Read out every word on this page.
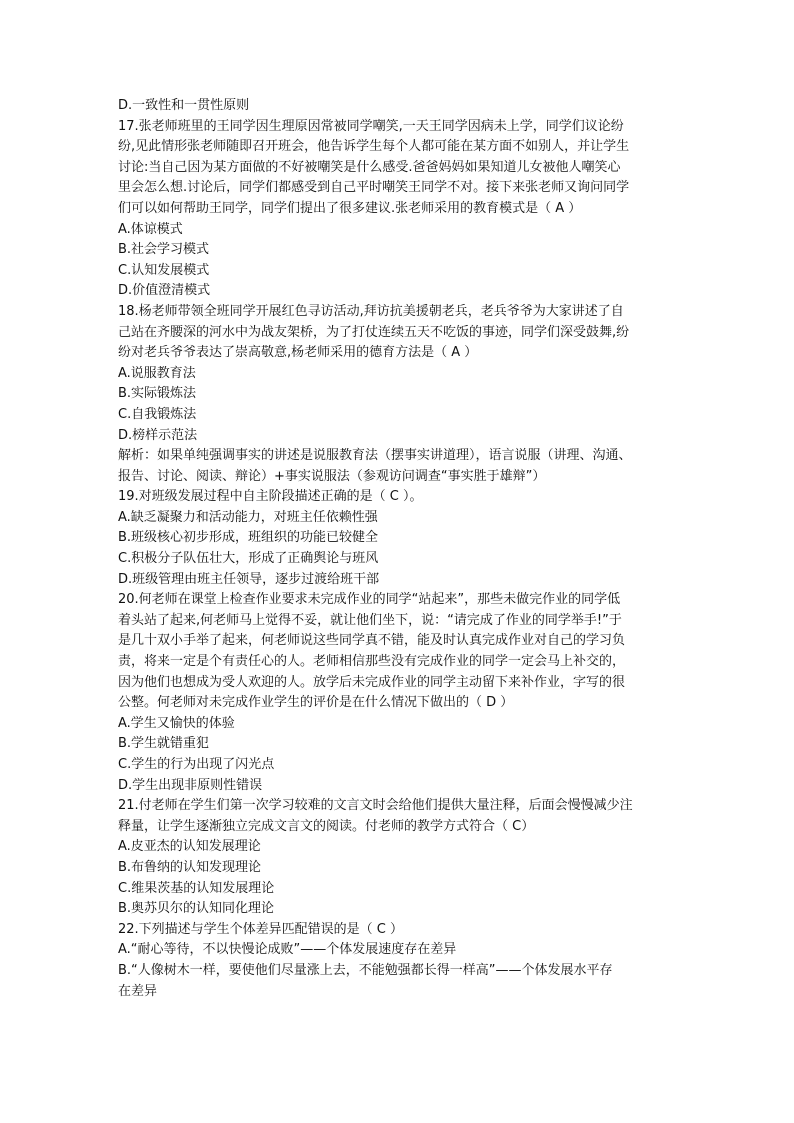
D.一致性和一贯性原则
17.张老师班里的王同学因生理原因常被同学嘲笑,一天王同学因病未上学，同学们议论纷
纷,见此情形张老师随即召开班会，他告诉学生每个人都可能在某方面不如别人，并让学生
讨论:当自己因为某方面做的不好被嘲笑是什么感受.爸爸妈妈如果知道儿女被他人嘲笑心
里会怎么想.讨论后，同学们都感受到自己平时嘲笑王同学不对。接下来张老师又询问同学
们可以如何帮助王同学，同学们提出了很多建议.张老师采用的教育模式是（ A ）
A.体谅模式
B.社会学习模式
C.认知发展模式
D.价值澄清模式
18.杨老师带领全班同学开展红色寻访活动,拜访抗美援朝老兵，老兵爷爷为大家讲述了自
己站在齐腰深的河水中为战友架桥，为了打仗连续五天不吃饭的事迹，同学们深受鼓舞,纷
纷对老兵爷爷表达了崇高敬意,杨老师采用的德育方法是（ A ）
A.说服教育法
B.实际锻炼法
C.自我锻炼法
D.榜样示范法
解析：如果单纯强调事实的讲述是说服教育法（摆事实讲道理），语言说服（讲理、沟通、
报告、讨论、阅读、辩论）+事实说服法（参观访问调查“事实胜于雄辩”）
19.对班级发展过程中自主阶段描述正确的是（ C ）。
A.缺乏凝聚力和活动能力，对班主任依赖性强
B.班级核心初步形成，班组织的功能已较健全
C.积极分子队伍壮大，形成了正确舆论与班风
D.班级管理由班主任领导，逐步过渡给班干部
20.何老师在课堂上检查作业要求未完成作业的同学“站起来”，那些未做完作业的同学低
着头站了起来,何老师马上觉得不妥，就让他们坐下，说：“请完成了作业的同学举手!”于
是几十双小手举了起来，何老师说这些同学真不错，能及时认真完成作业对自己的学习负
责，将来一定是个有责任心的人。老师相信那些没有完成作业的同学一定会马上补交的，
因为他们也想成为受人欢迎的人。放学后未完成作业的同学主动留下来补作业，字写的很
公整。何老师对未完成作业学生的评价是在什么情况下做出的（ D ）
A.学生又愉快的体验
B.学生就错重犯
C.学生的行为出现了闪光点
D.学生出现非原则性错误
21.付老师在学生们第一次学习较难的文言文时会给他们提供大量注释，后面会慢慢减少注
释量，让学生逐渐独立完成文言文的阅读。付老师的教学方式符合（ C）
A.皮亚杰的认知发展理论
B.布鲁纳的认知发现理论
C.维果茨基的认知发展理论
B.奥苏贝尔的认知同化理论
22.下列描述与学生个体差异匹配错误的是（ C ）
A.“耐心等待，不以快慢论成败”——个体发展速度存在差异
B.“人像树木一样，要使他们尽量涨上去，不能勉强都长得一样高”——个体发展水平存
在差异
